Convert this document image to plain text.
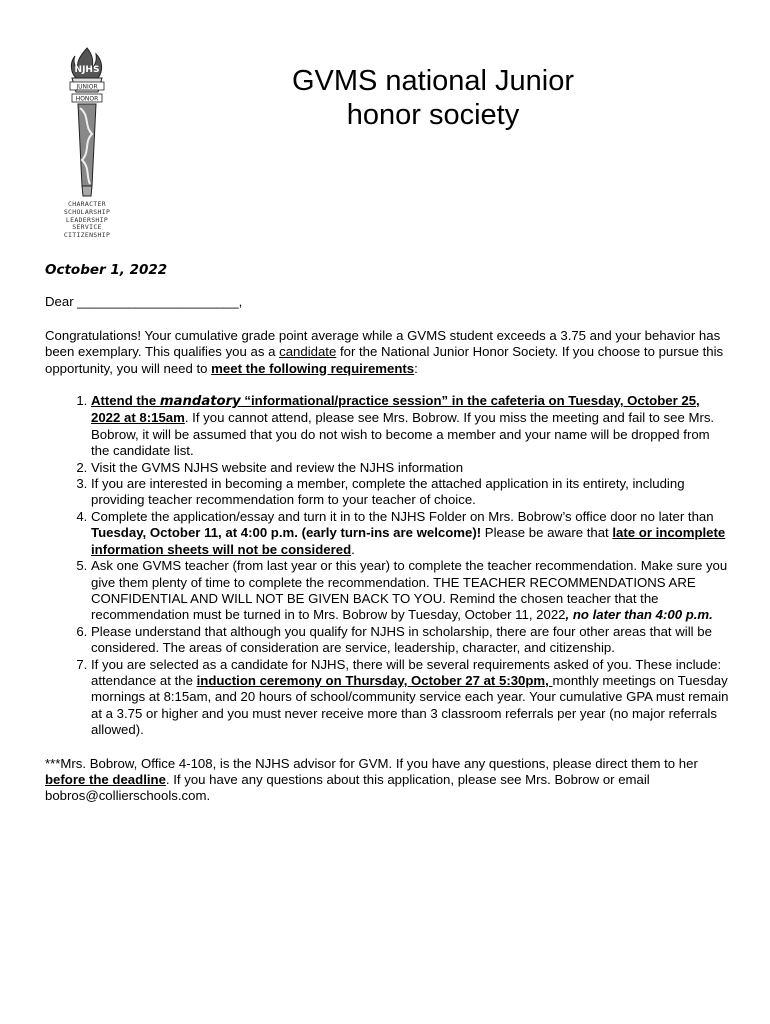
NJHS
JUNIOR
HONOR
CHARACTER
SCHOLARSHIP
LEADERSHIP
SERVICE
CITIZENSHIP
GVMS national Junior
honor society

October 1, 2022

Dear ______________________,

Congratulations! Your cumulative grade point average while a GVMS student exceeds a 3.75 and your behavior has been exemplary. This qualifies you as a candidate for the National Junior Honor Society. If you choose to pursue this opportunity, you will need to meet the following requirements:

1. Attend the mandatory “informational/practice session” in the cafeteria on Tuesday, October 25, 2022 at 8:15am. If you cannot attend, please see Mrs. Bobrow. If you miss the meeting and fail to see Mrs. Bobrow, it will be assumed that you do not wish to become a member and your name will be dropped from the candidate list.
2. Visit the GVMS NJHS website and review the NJHS information
3. If you are interested in becoming a member, complete the attached application in its entirety, including providing teacher recommendation form to your teacher of choice.
4. Complete the application/essay and turn it in to the NJHS Folder on Mrs. Bobrow’s office door no later than Tuesday, October 11, at 4:00 p.m. (early turn-ins are welcome)! Please be aware that late or incomplete information sheets will not be considered.
5. Ask one GVMS teacher (from last year or this year) to complete the teacher recommendation. Make sure you give them plenty of time to complete the recommendation. THE TEACHER RECOMMENDATIONS ARE CONFIDENTIAL AND WILL NOT BE GIVEN BACK TO YOU. Remind the chosen teacher that the recommendation must be turned in to Mrs. Bobrow by Tuesday, October 11, 2022, no later than 4:00 p.m.
6. Please understand that although you qualify for NJHS in scholarship, there are four other areas that will be considered. The areas of consideration are service, leadership, character, and citizenship.
7. If you are selected as a candidate for NJHS, there will be several requirements asked of you. These include: attendance at the induction ceremony on Thursday, October 27 at 5:30pm, monthly meetings on Tuesday mornings at 8:15am, and 20 hours of school/community service each year. Your cumulative GPA must remain at a 3.75 or higher and you must never receive more than 3 classroom referrals per year (no major referrals allowed).

***Mrs. Bobrow, Office 4-108, is the NJHS advisor for GVM. If you have any questions, please direct them to her before the deadline. If you have any questions about this application, please see Mrs. Bobrow or email bobros@collierschools.com.
